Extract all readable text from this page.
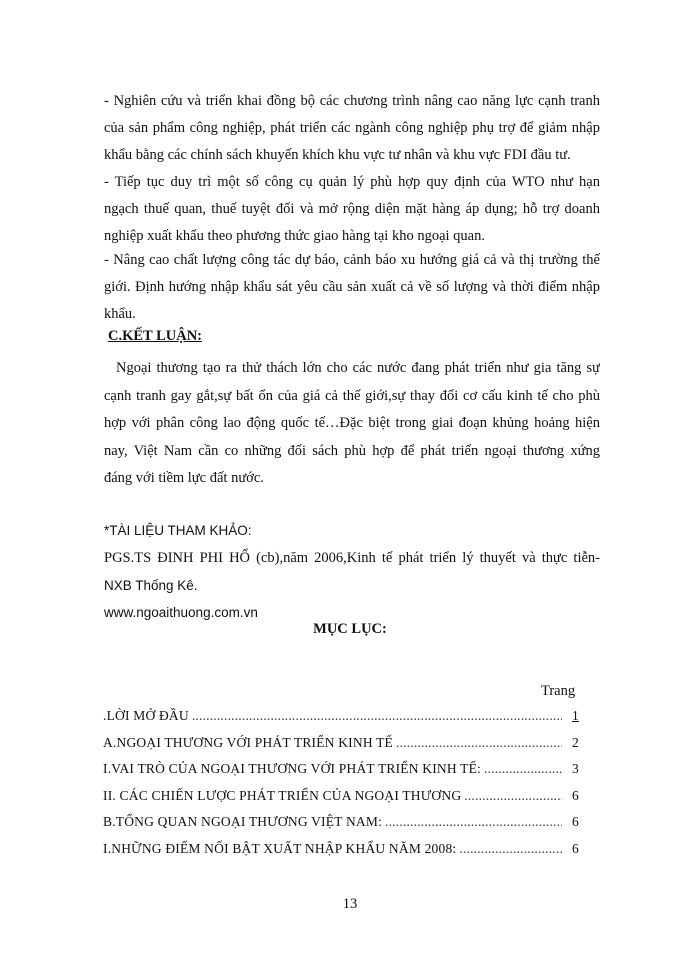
- Nghiên cứu và triển khai đồng bộ các chương trình nâng cao năng lực cạnh tranh
của sản phẩm công nghiệp, phát triển các ngành công nghiệp phụ trợ để giảm nhập
khẩu bằng các chính sách khuyến khích khu vực tư nhân và khu vực FDI đầu tư.
- Tiếp tục duy trì một số công cụ quản lý phù hợp quy định của WTO như hạn
ngạch thuế quan, thuế tuyệt đối và mở rộng diện mặt hàng áp dụng; hỗ trợ doanh
nghiệp xuất khẩu theo phương thức giao hàng tại kho ngoại quan.
- Nâng cao chất lượng công tác dự báo, cảnh báo xu hướng giá cả và thị trường thế
giới. Định hướng nhập khẩu sát yêu cầu sản xuất cả về số lượng và thời điểm nhập
khẩu.
C.KẾT LUẬN:
Ngoại thương tạo ra thử thách lớn cho các nước đang phát triển như gia tăng sự
cạnh tranh gay gắt,sự bất ổn của giá cả thế giới,sự thay đổi cơ cấu kinh tế cho phù
hợp với phân công lao động quốc tế…Đặc biệt trong giai đoạn khủng hoảng hiện
nay, Việt Nam cần co những đối sách phù hợp để phát triển ngoại thương xứng
đáng với tiềm lực đất nước.
*TÀI LIỆU THAM KHẢO:
PGS.TS ĐINH PHI HỔ (cb),năm 2006,Kinh tế phát triển lý thuyết và thực tiễn-
NXB Thống Kê.
www.ngoaithuong.com.vn
MỤC LỤC:
Trang
.LỜI MỞ ĐẦU .....	1
A.NGOẠI THƯƠNG VỚI PHÁT TRIỂN KINH TẾ .....	2
I.VAI TRÒ CỦA NGOẠI THƯƠNG VỚI PHÁT TRIỂN KINH TẾ: .....	3
II. CÁC CHIẾN LƯỢC PHÁT TRIỂN CỦA NGOẠI THƯƠNG .....	6
B.TỔNG QUAN NGOẠI THƯƠNG VIỆT NAM: .....	6
I.NHỮNG ĐIỂM NỔI BẬT XUẤT NHẬP KHẨU NĂM 2008: .....	6
13
